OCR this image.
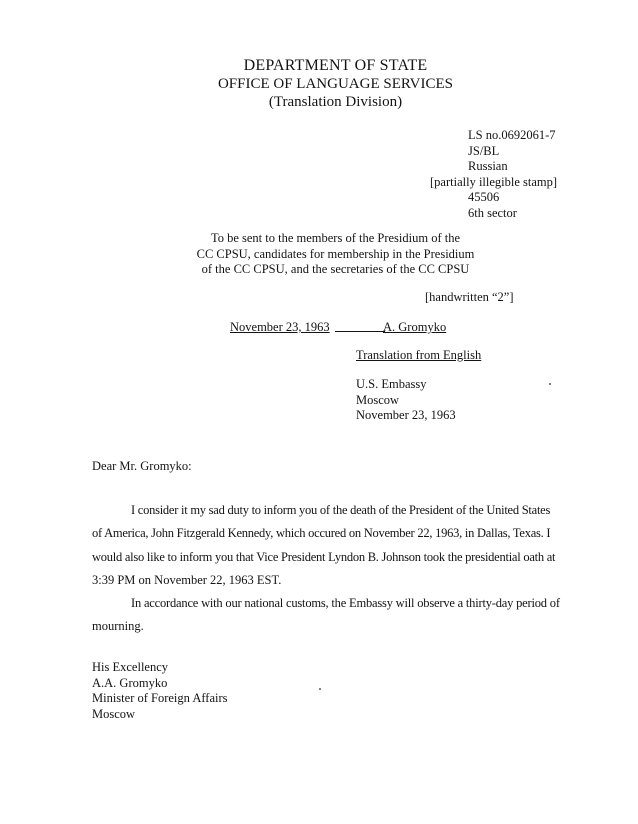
DEPARTMENT OF STATE
OFFICE OF LANGUAGE SERVICES
(Translation Division)
LS no.0692061-7
JS/BL
Russian
[partially illegible stamp]
45506
6th sector
To be sent to the members of the Presidium of the
CC CPSU, candidates for membership in the Presidium
of the CC CPSU, and the secretaries of the CC CPSU
[handwritten “2”]
November 23, 1963	A. Gromyko
Translation from English
U.S. Embassy
Moscow
November 23, 1963
Dear Mr. Gromyko:
I consider it my sad duty to inform you of the death of the President of the United States
of America, John Fitzgerald Kennedy, which occured on November 22, 1963, in Dallas, Texas. I
would also like to inform you that Vice President Lyndon B. Johnson took the presidential oath at
3:39 PM on November 22, 1963 EST.
In accordance with our national customs, the Embassy will observe a thirty-day period of
mourning.
His Excellency
A.A. Gromyko
Minister of Foreign Affairs
Moscow
